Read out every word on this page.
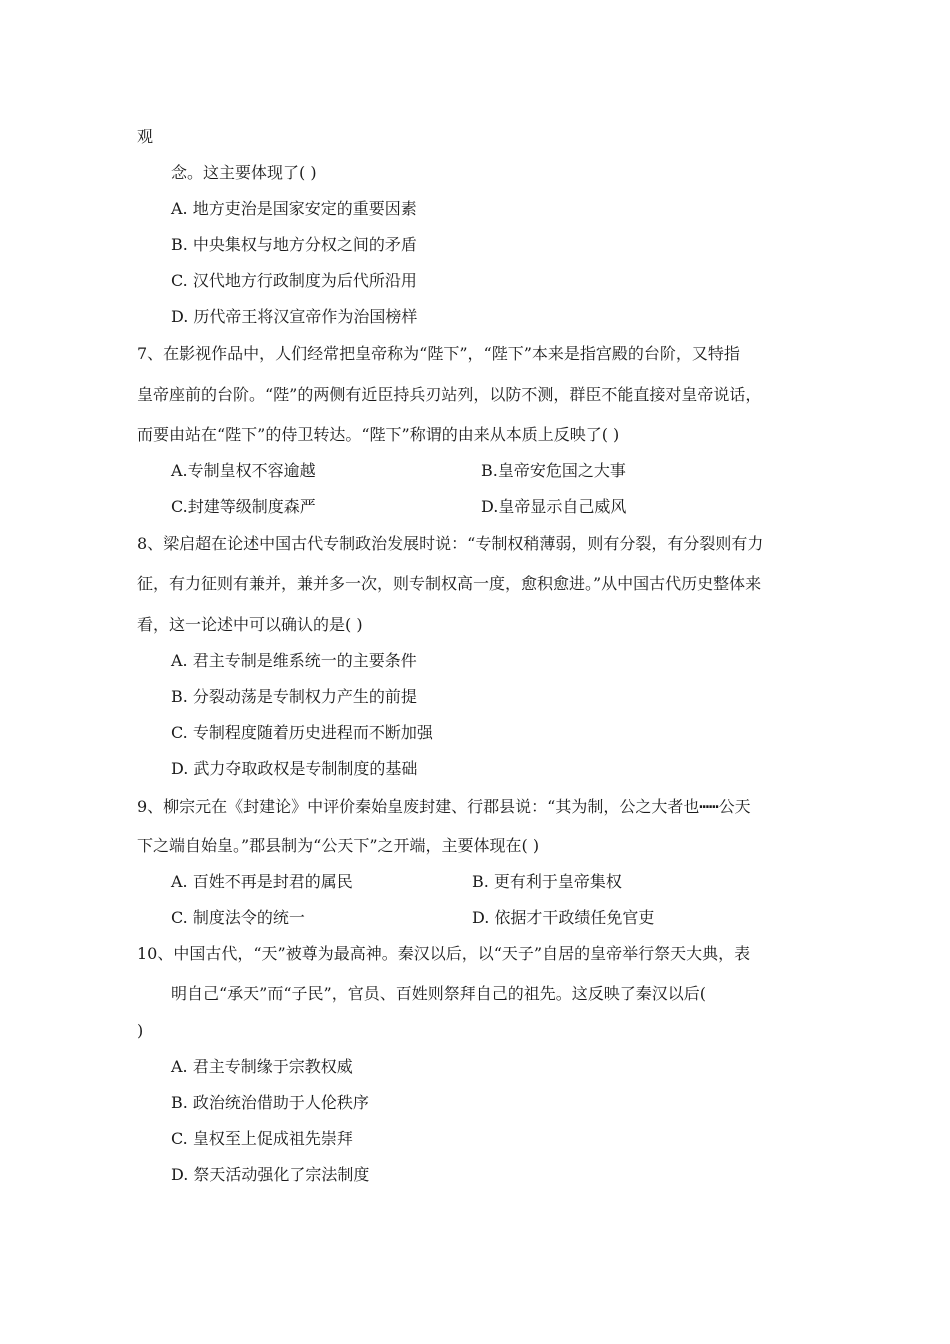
观
念。这主要体现了( )
A. 地方吏治是国家安定的重要因素
B. 中央集权与地方分权之间的矛盾
C. 汉代地方行政制度为后代所沿用
D. 历代帝王将汉宣帝作为治国榜样
7、在影视作品中，人们经常把皇帝称为“陛下”，“陛下”本来是指宫殿的台阶，又特指
皇帝座前的台阶。“陛”的两侧有近臣持兵刃站列，以防不测，群臣不能直接对皇帝说话，
而要由站在“陛下”的侍卫转达。“陛下”称谓的由来从本质上反映了( )
A.专制皇权不容逾越	B.皇帝安危国之大事
C.封建等级制度森严	D.皇帝显示自己威风
8、梁启超在论述中国古代专制政治发展时说：“专制权稍薄弱，则有分裂，有分裂则有力
征，有力征则有兼并，兼并多一次，则专制权高一度，愈积愈进。”从中国古代历史整体来
看，这一论述中可以确认的是( )
A. 君主专制是维系统一的主要条件
B. 分裂动荡是专制权力产生的前提
C. 专制程度随着历史进程而不断加强
D. 武力夺取政权是专制制度的基础
9、柳宗元在《封建论》中评价秦始皇废封建、行郡县说：“其为制，公之大者也┅┅公天
下之端自始皇。”郡县制为“公天下”之开端，主要体现在( )
A. 百姓不再是封君的属民	B. 更有利于皇帝集权
C. 制度法令的统一	D. 依据才干政绩任免官吏
10、中国古代，“天”被尊为最高神。秦汉以后，以“天子”自居的皇帝举行祭天大典，表
明自己“承天”而“子民”，官员、百姓则祭拜自己的祖先。这反映了秦汉以后(
)
A. 君主专制缘于宗教权威
B. 政治统治借助于人伦秩序
C. 皇权至上促成祖先崇拜
D. 祭天活动强化了宗法制度
